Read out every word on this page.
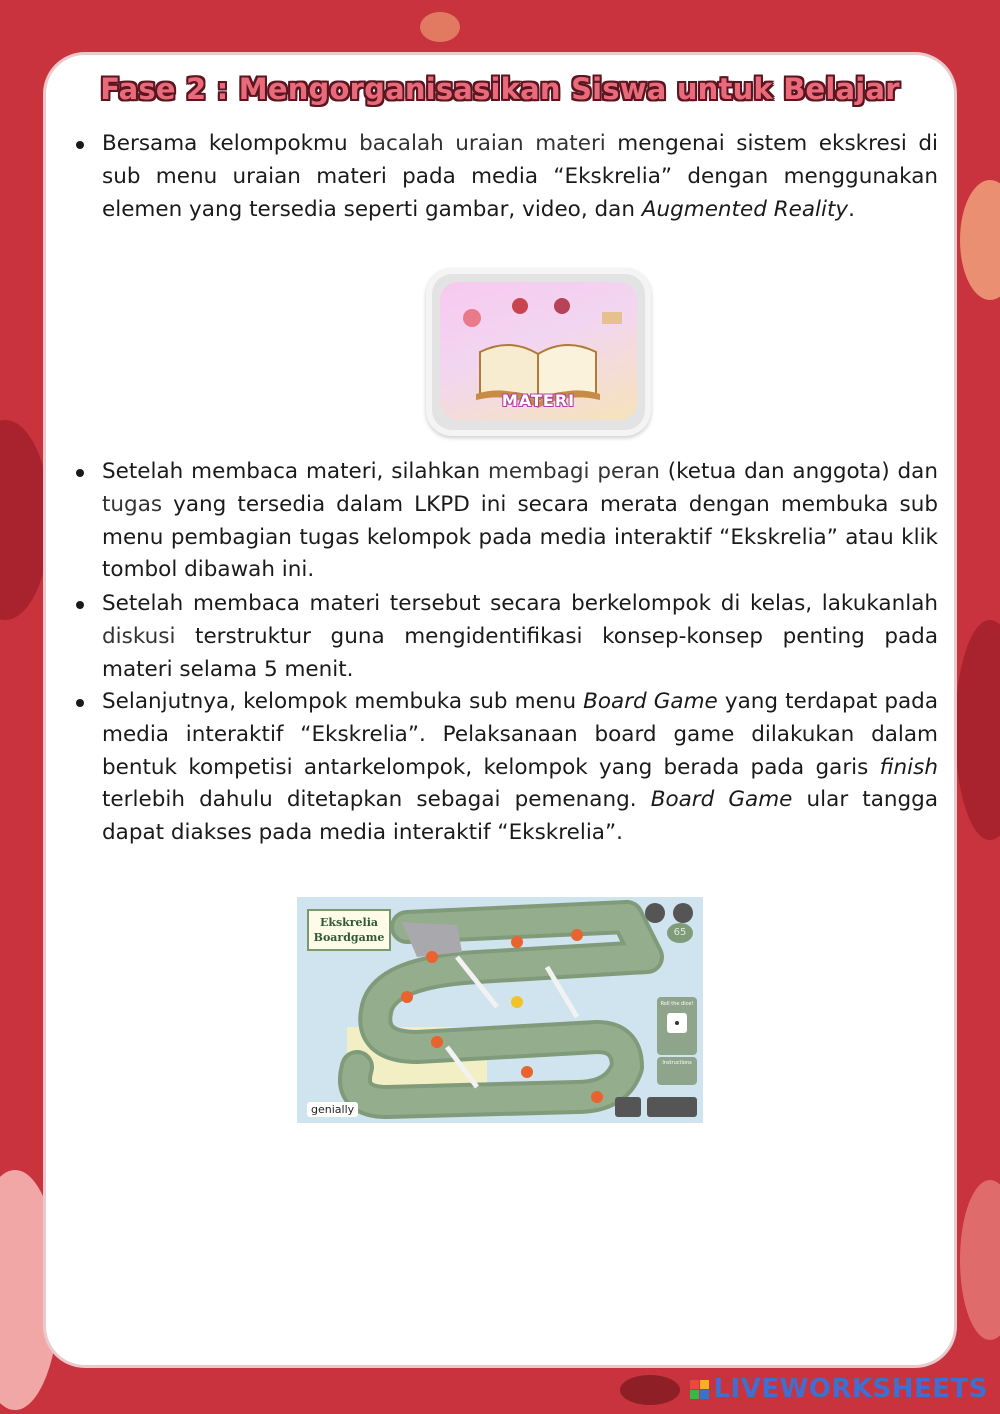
Fase 2 : Mengorganisasikan Siswa untuk Belajar
Bersama kelompokmu bacalah uraian materi mengenai sistem ekskresi di sub menu uraian materi pada media “Ekskrelia” dengan menggunakan elemen yang tersedia seperti gambar, video, dan Augmented Reality.
MATERI
Setelah membaca materi, silahkan membagi peran (ketua dan anggota) dan tugas yang tersedia dalam LKPD ini secara merata dengan membuka sub menu pembagian tugas kelompok pada media interaktif “Ekskrelia” atau klik tombol dibawah ini.
Setelah membaca materi tersebut secara berkelompok di kelas, lakukanlah diskusi terstruktur guna mengidentifikasi konsep-konsep penting pada materi selama 5 menit.
Selanjutnya, kelompok membuka sub menu Board Game yang terdapat pada media interaktif “Ekskrelia”. Pelaksanaan board game dilakukan dalam bentuk kompetisi antarkelompok, kelompok yang berada pada garis finish terlebih dahulu ditetapkan sebagai pemenang. Board Game ular tangga dapat diakses pada media interaktif “Ekskrelia”.
Ekskrelia
Boardgame
Roll the dice!
Instructions
65
genially
LIVEWORKSHEETS
